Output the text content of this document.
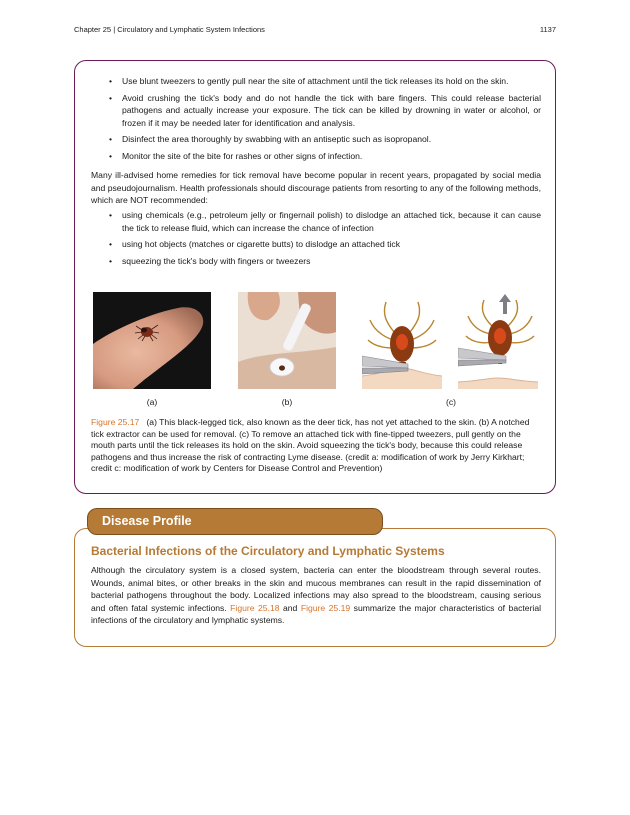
Chapter 25 | Circulatory and Lymphatic System Infections	1137
• Use blunt tweezers to gently pull near the site of attachment until the tick releases its hold on the skin.
• Avoid crushing the tick's body and do not handle the tick with bare fingers. This could release bacterial pathogens and actually increase your exposure. The tick can be killed by drowning in water or alcohol, or frozen if it may be needed later for identification and analysis.
• Disinfect the area thoroughly by swabbing with an antiseptic such as isopropanol.
• Monitor the site of the bite for rashes or other signs of infection.

Many ill-advised home remedies for tick removal have become popular in recent years, propagated by social media and pseudojournalism. Health professionals should discourage patients from resorting to any of the following methods, which are NOT recommended:

• using chemicals (e.g., petroleum jelly or fingernail polish) to dislodge an attached tick, because it can cause the tick to release fluid, which can increase the chance of infection
• using hot objects (matches or cigarette butts) to dislodge an attached tick
• squeezing the tick's body with fingers or tweezers
(a)	(b)	(c)

Figure 25.17 (a) This black-legged tick, also known as the deer tick, has not yet attached to the skin. (b) A notched tick extractor can be used for removal. (c) To remove an attached tick with fine-tipped tweezers, pull gently on the mouth parts until the tick releases its hold on the skin. Avoid squeezing the tick's body, because this could release pathogens and thus increase the risk of contracting Lyme disease. (credit a: modification of work by Jerry Kirkhart; credit c: modification of work by Centers for Disease Control and Prevention)

Bacterial Infections of the Circulatory and Lymphatic Systems

Although the circulatory system is a closed system, bacteria can enter the bloodstream through several routes. Wounds, animal bites, or other breaks in the skin and mucous membranes can result in the rapid dissemination of bacterial pathogens throughout the body. Localized infections may also spread to the bloodstream, causing serious and often fatal systemic infections. Figure 25.18 and Figure 25.19 summarize the major characteristics of bacterial infections of the circulatory and lymphatic systems.

Disease Profile
